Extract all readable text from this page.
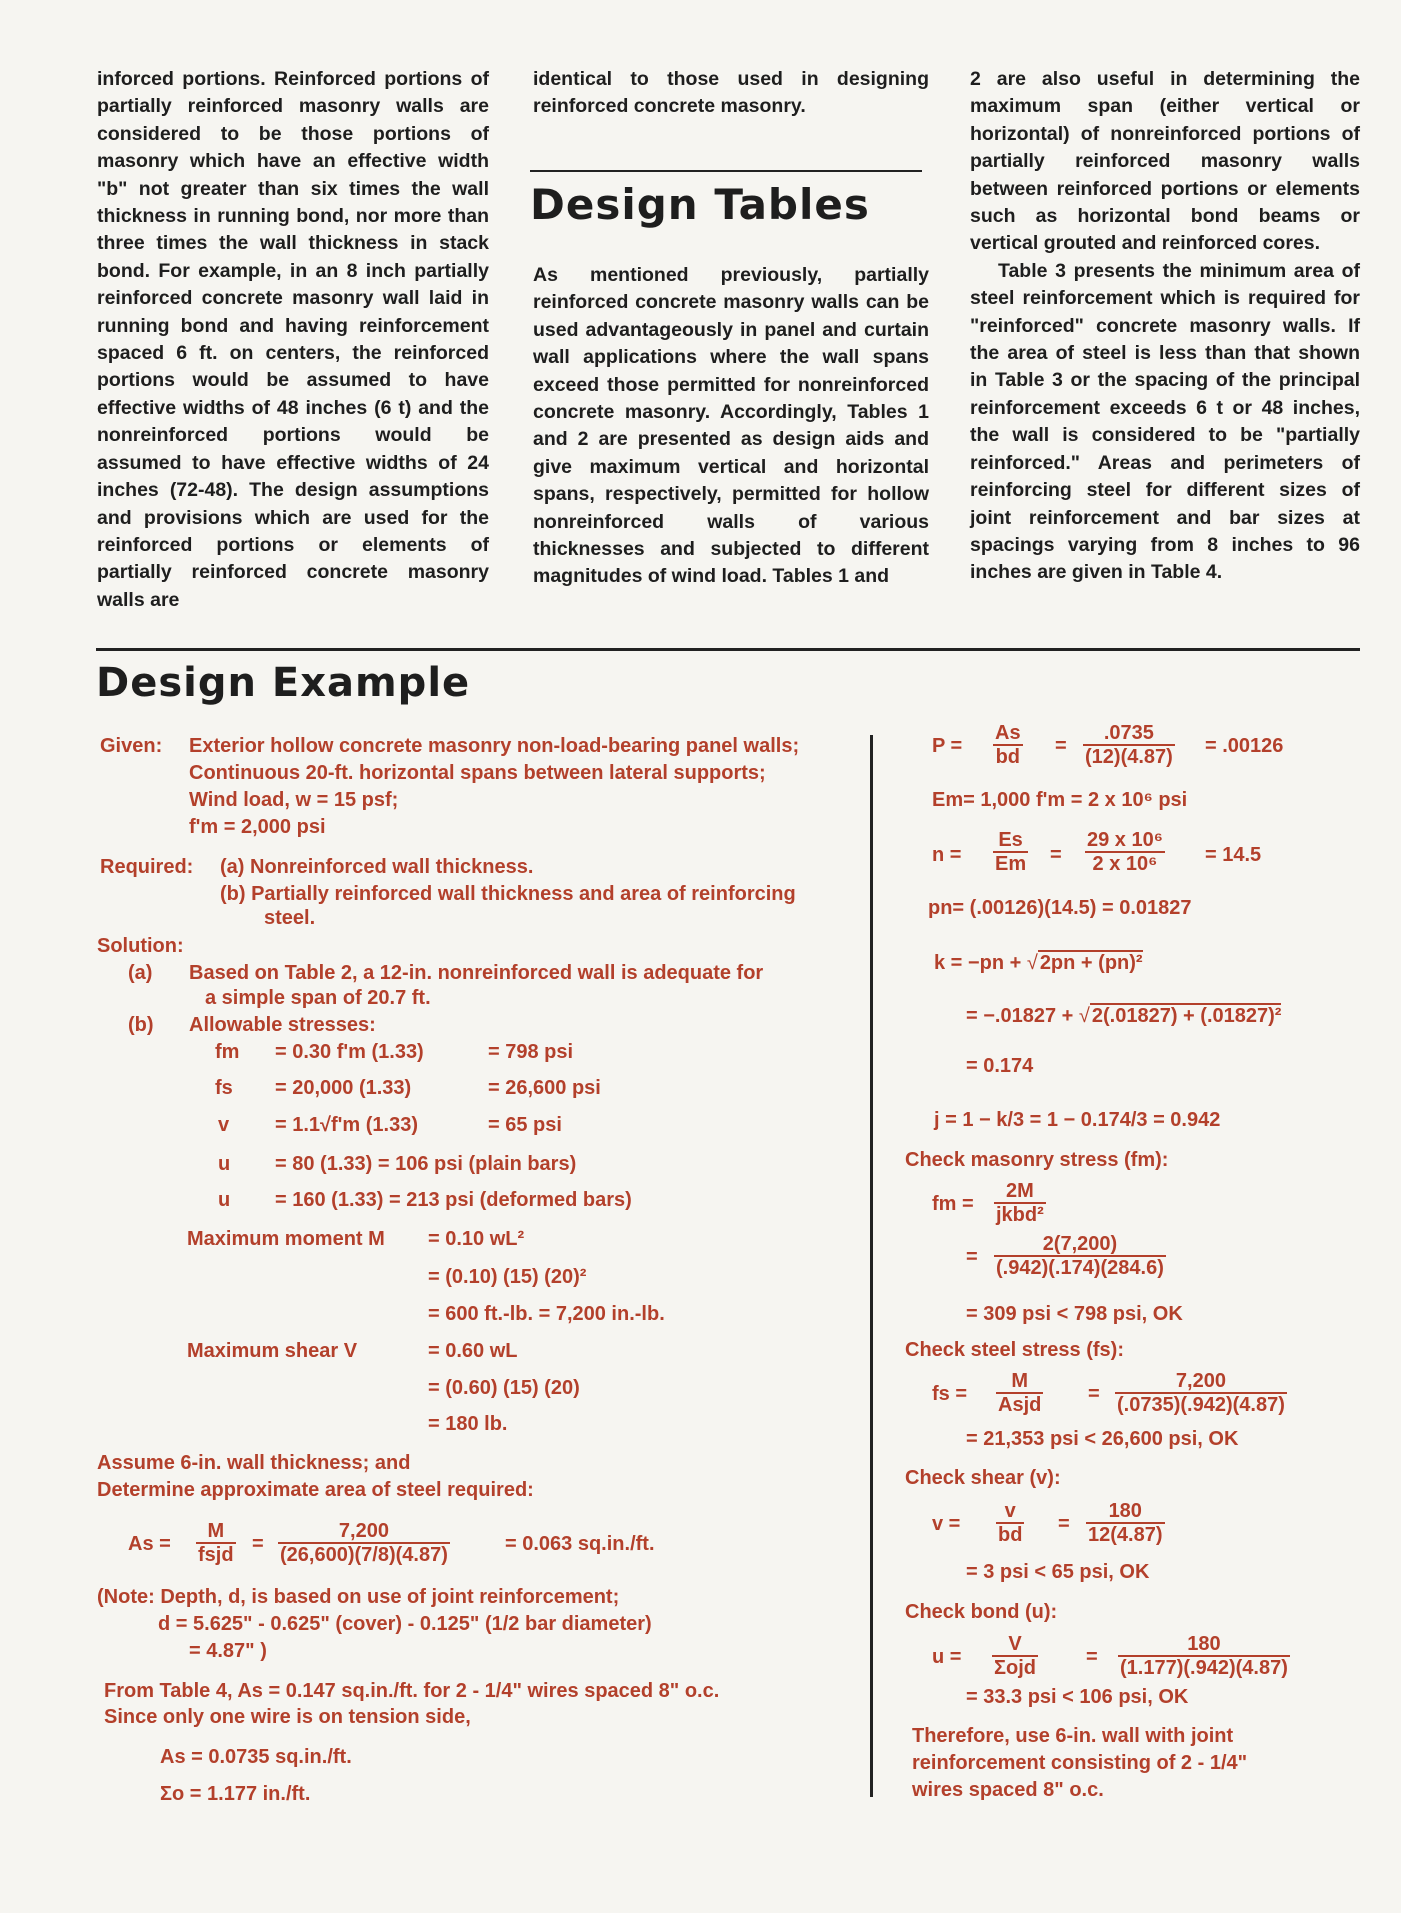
inforced portions. Reinforced portions of partially reinforced masonry walls are considered to be those portions of masonry which have an effective width "b" not greater than six times the wall thickness in running bond, nor more than three times the wall thickness in stack bond. For example, in an 8 inch partially reinforced concrete masonry wall laid in running bond and having reinforcement spaced 6 ft. on centers, the reinforced portions would be assumed to have effective widths of 48 inches (6 t) and the nonreinforced portions would be assumed to have effective widths of 24 inches (72-48). The design assumptions and provisions which are used for the reinforced portions or elements of partially reinforced concrete masonry walls are

identical to those used in designing reinforced concrete masonry.

Design Tables

As mentioned previously, partially reinforced concrete masonry walls can be used advantageously in panel and curtain wall applications where the wall spans exceed those permitted for nonreinforced concrete masonry. Accordingly, Tables 1 and 2 are presented as design aids and give maximum vertical and horizontal spans, respectively, permitted for hollow nonreinforced walls of various thicknesses and subjected to different magnitudes of wind load. Tables 1 and

2 are also useful in determining the maximum span (either vertical or horizontal) of nonreinforced portions of partially reinforced masonry walls between reinforced portions or elements such as horizontal bond beams or vertical grouted and reinforced cores.

Table 3 presents the minimum area of steel reinforcement which is required for "reinforced" concrete masonry walls. If the area of steel is less than that shown in Table 3 or the spacing of the principal reinforcement exceeds 6 t or 48 inches, the wall is considered to be "partially reinforced." Areas and perimeters of reinforcing steel for different sizes of joint reinforcement and bar sizes at spacings varying from 8 inches to 96 inches are given in Table 4.

Design Example
Given: Exterior hollow concrete masonry non-load-bearing panel walls;
Continuous 20-ft. horizontal spans between lateral supports;
Wind load, w = 15 psf;
f'm = 2,000 psi
Required: (a) Nonreinforced wall thickness.
(b) Partially reinforced wall thickness and area of reinforcing
steel.
Solution:
(a) Based on Table 2, a 12-in. nonreinforced wall is adequate for
a simple span of 20.7 ft.
(b) Allowable stresses:
fm = 0.30 f'm (1.33)	= 798 psi
fs = 20,000 (1.33)	= 26,600 psi
v = 1.1√f'm (1.33)	= 65 psi
u = 80 (1.33) = 106 psi (plain bars)
u = 160 (1.33) = 213 psi (deformed bars)
Maximum moment M = 0.10 wL²
= (0.10) (15) (20)²
= 600 ft.-lb. = 7,200 in.-lb.
Maximum shear V	= 0.60 wL
= (0.60) (15) (20)
= 180 lb.
Assume 6-in. wall thickness; and
Determine approximate area of steel required:
As =
M
fsjd = $\frac{7,200}{(26,600)(7/8)(4.87)}$	= 0.063 sq.in./ft.
(Note: Depth, d, is based on use of joint reinforcement;
d = 5.625" - 0.625" (cover) - 0.125" (1/2 bar diameter)
= 4.87" )
From Table 4, As = 0.147 sq.in./ft. for 2 - 1/4" wires spaced 8" o.c.
Since only one wire is on tension side,
As = 0.0735 sq.in./ft.
Σo = 1.177 in./ft.
$P = \frac{As}{bd} = \frac{.0735}{(12)(4.87)} = .00126$
Em= 1,000 f'm = 2 x 10⁶ psi
$n = \frac{Es}{Em} = \frac{\text{29 x 10⁶}}{\text{2 x 10⁶}} = 14.5$
pn= (.00126)(14.5) = 0.01827
k = −pn + √ 2pn + (pn)²
= −.01827 + √ 2(.01827) + (.01827)²
= 0.174
j = 1 − k/3 = 1 − 0.174/3 = 0.942
Check masonry stress (fm):
fm =
2M
jkbd²
= $\frac{2(7,200)}{(.942)(.174)(284.6)}$
= 309 psi < 798 psi, OK
Check steel stress (fs):
fs =
M
Asjd = $\frac{7,200}{(.0735)(.942)(4.87)}$
= 21,353 psi < 26,600 psi, OK
Check shear (v):
$v = \frac{v}{bd} = \frac{180}{12(4.87)}$
= 3 psi < 65 psi, OK
Check bond (u):
u =
V
Σojd	= $\frac{180}{(1.177)(.942)(4.87)}$
= 33.3 psi < 106 psi, OK
Therefore, use 6-in. wall with joint
reinforcement consisting of 2 - 1/4"
wires spaced 8" o.c.
